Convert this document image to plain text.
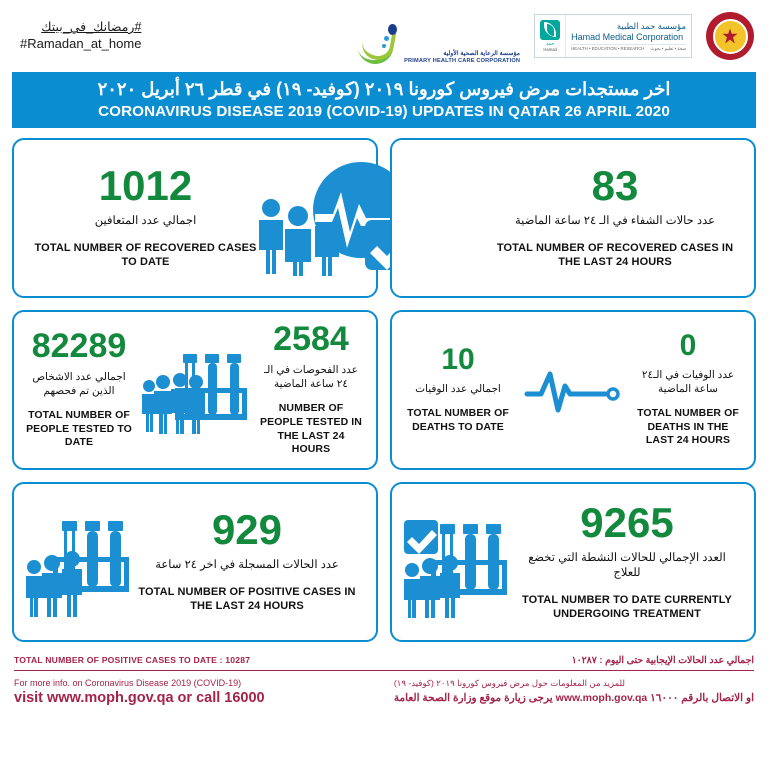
#رمضانك_في_بيتك
#Ramadan_at_home
مؤسسة الرعاية الصحية الأولية
PRIMARY HEALTH CARE CORPORATION
حمد
Hamad
مؤسسة حمد الطبية
Hamad Medical Corporation
HEALTH • EDUCATION • RESEARCH صحة • تعليم • بحوث
اخر مستجدات مرض فيروس كورونا ٢٠١٩ (كوفيد- ١٩) في قطر ٢٦ أبريل ٢٠٢٠
CORONAVIRUS DISEASE 2019 (COVID-19) UPDATES IN QATAR 26 APRIL 2020
1012
اجمالي عدد المتعافين
TOTAL NUMBER OF RECOVERED CASES TO DATE
83
عدد حالات الشفاء في الـ ٢٤ ساعة الماضية
TOTAL NUMBER OF RECOVERED CASES IN THE LAST 24 HOURS
82289
اجمالي عدد الاشخاص الذين تم فحصهم
TOTAL NUMBER OF PEOPLE TESTED TO DATE
2584
عدد الفحوصات في الـ ٢٤ ساعة الماضية
NUMBER OF PEOPLE TESTED IN THE LAST 24 HOURS
10
اجمالي عدد الوفيات
TOTAL NUMBER OF DEATHS TO DATE
0
عدد الوفيات في الـ٢٤ ساعة الماضية
TOTAL NUMBER OF DEATHS IN THE LAST 24 HOURS
929
عدد الحالات المسجلة في اخر ٢٤ ساعة
TOTAL NUMBER OF POSITIVE CASES IN THE LAST 24 HOURS
9265
العدد الإجمالي للحالات النشطة التي تخضع للعلاج
TOTAL NUMBER TO DATE CURRENTLY UNDERGOING TREATMENT
TOTAL NUMBER OF POSITIVE CASES TO DATE : 10287	اجمالي عدد الحالات الإيجابية حتى اليوم : ١٠٢٨٧
For more info. on Coronavirus Disease 2019 (COVID-19)
visit www.moph.gov.qa or call 16000
للمزيد من المعلومات حول مرض فيروس كورونا ٢٠١٩ (كوفيد- ١٩)
او الاتصال بالرقم ١٦٠٠٠ www.moph.gov.qa يرجى زيارة موقع وزارة الصحة العامة
